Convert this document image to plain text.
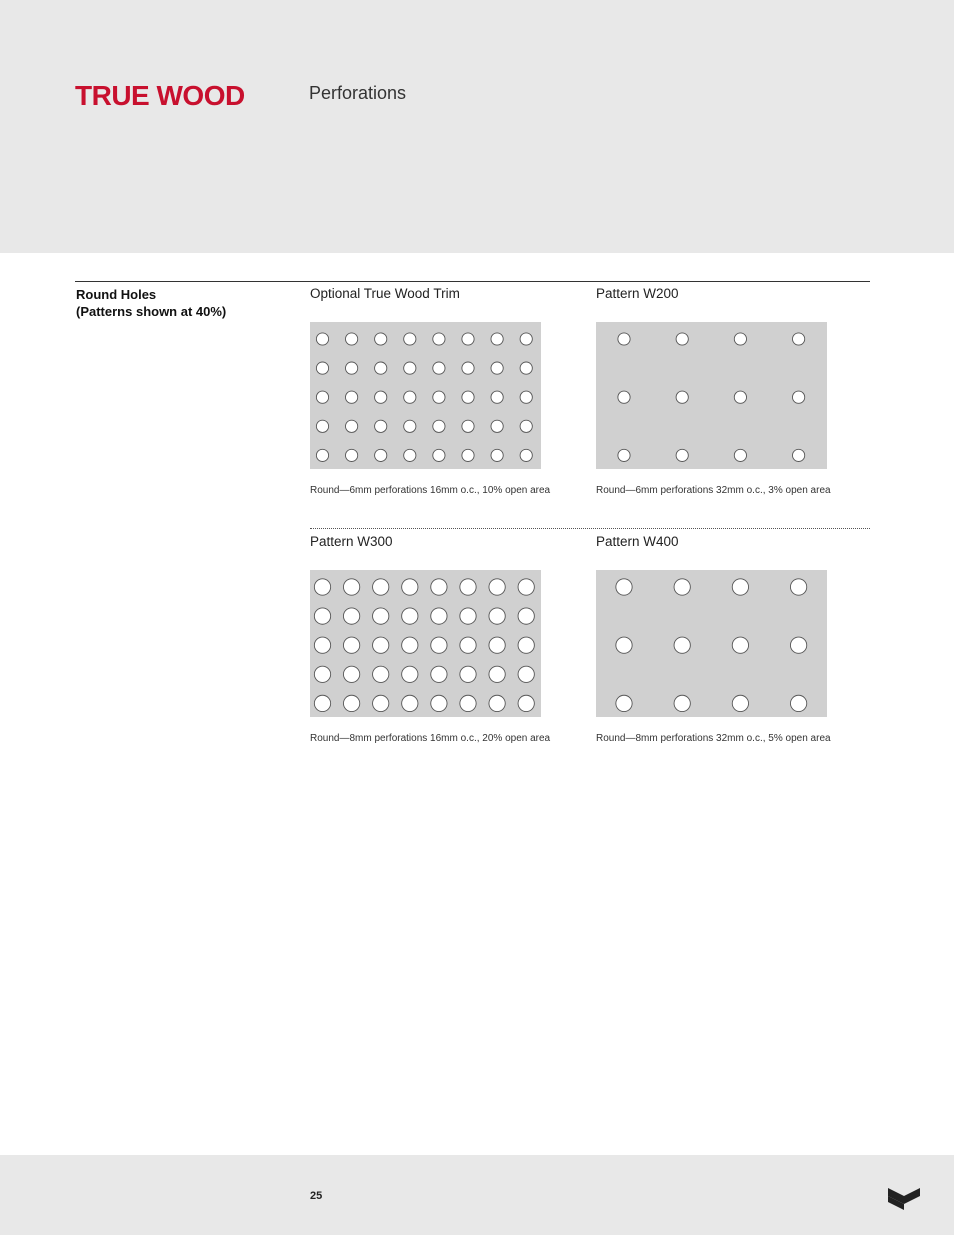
TRUE WOOD	Perforations
Round Holes
(Patterns shown at 40%)
Optional True Wood Trim
Round—6mm perforations 16mm o.c., 10% open area
Pattern W200
Round—6mm perforations 32mm o.c., 3% open area
Pattern W300
Round—8mm perforations 16mm o.c., 20% open area
Pattern W400
Round—8mm perforations 32mm o.c., 5% open area
25
